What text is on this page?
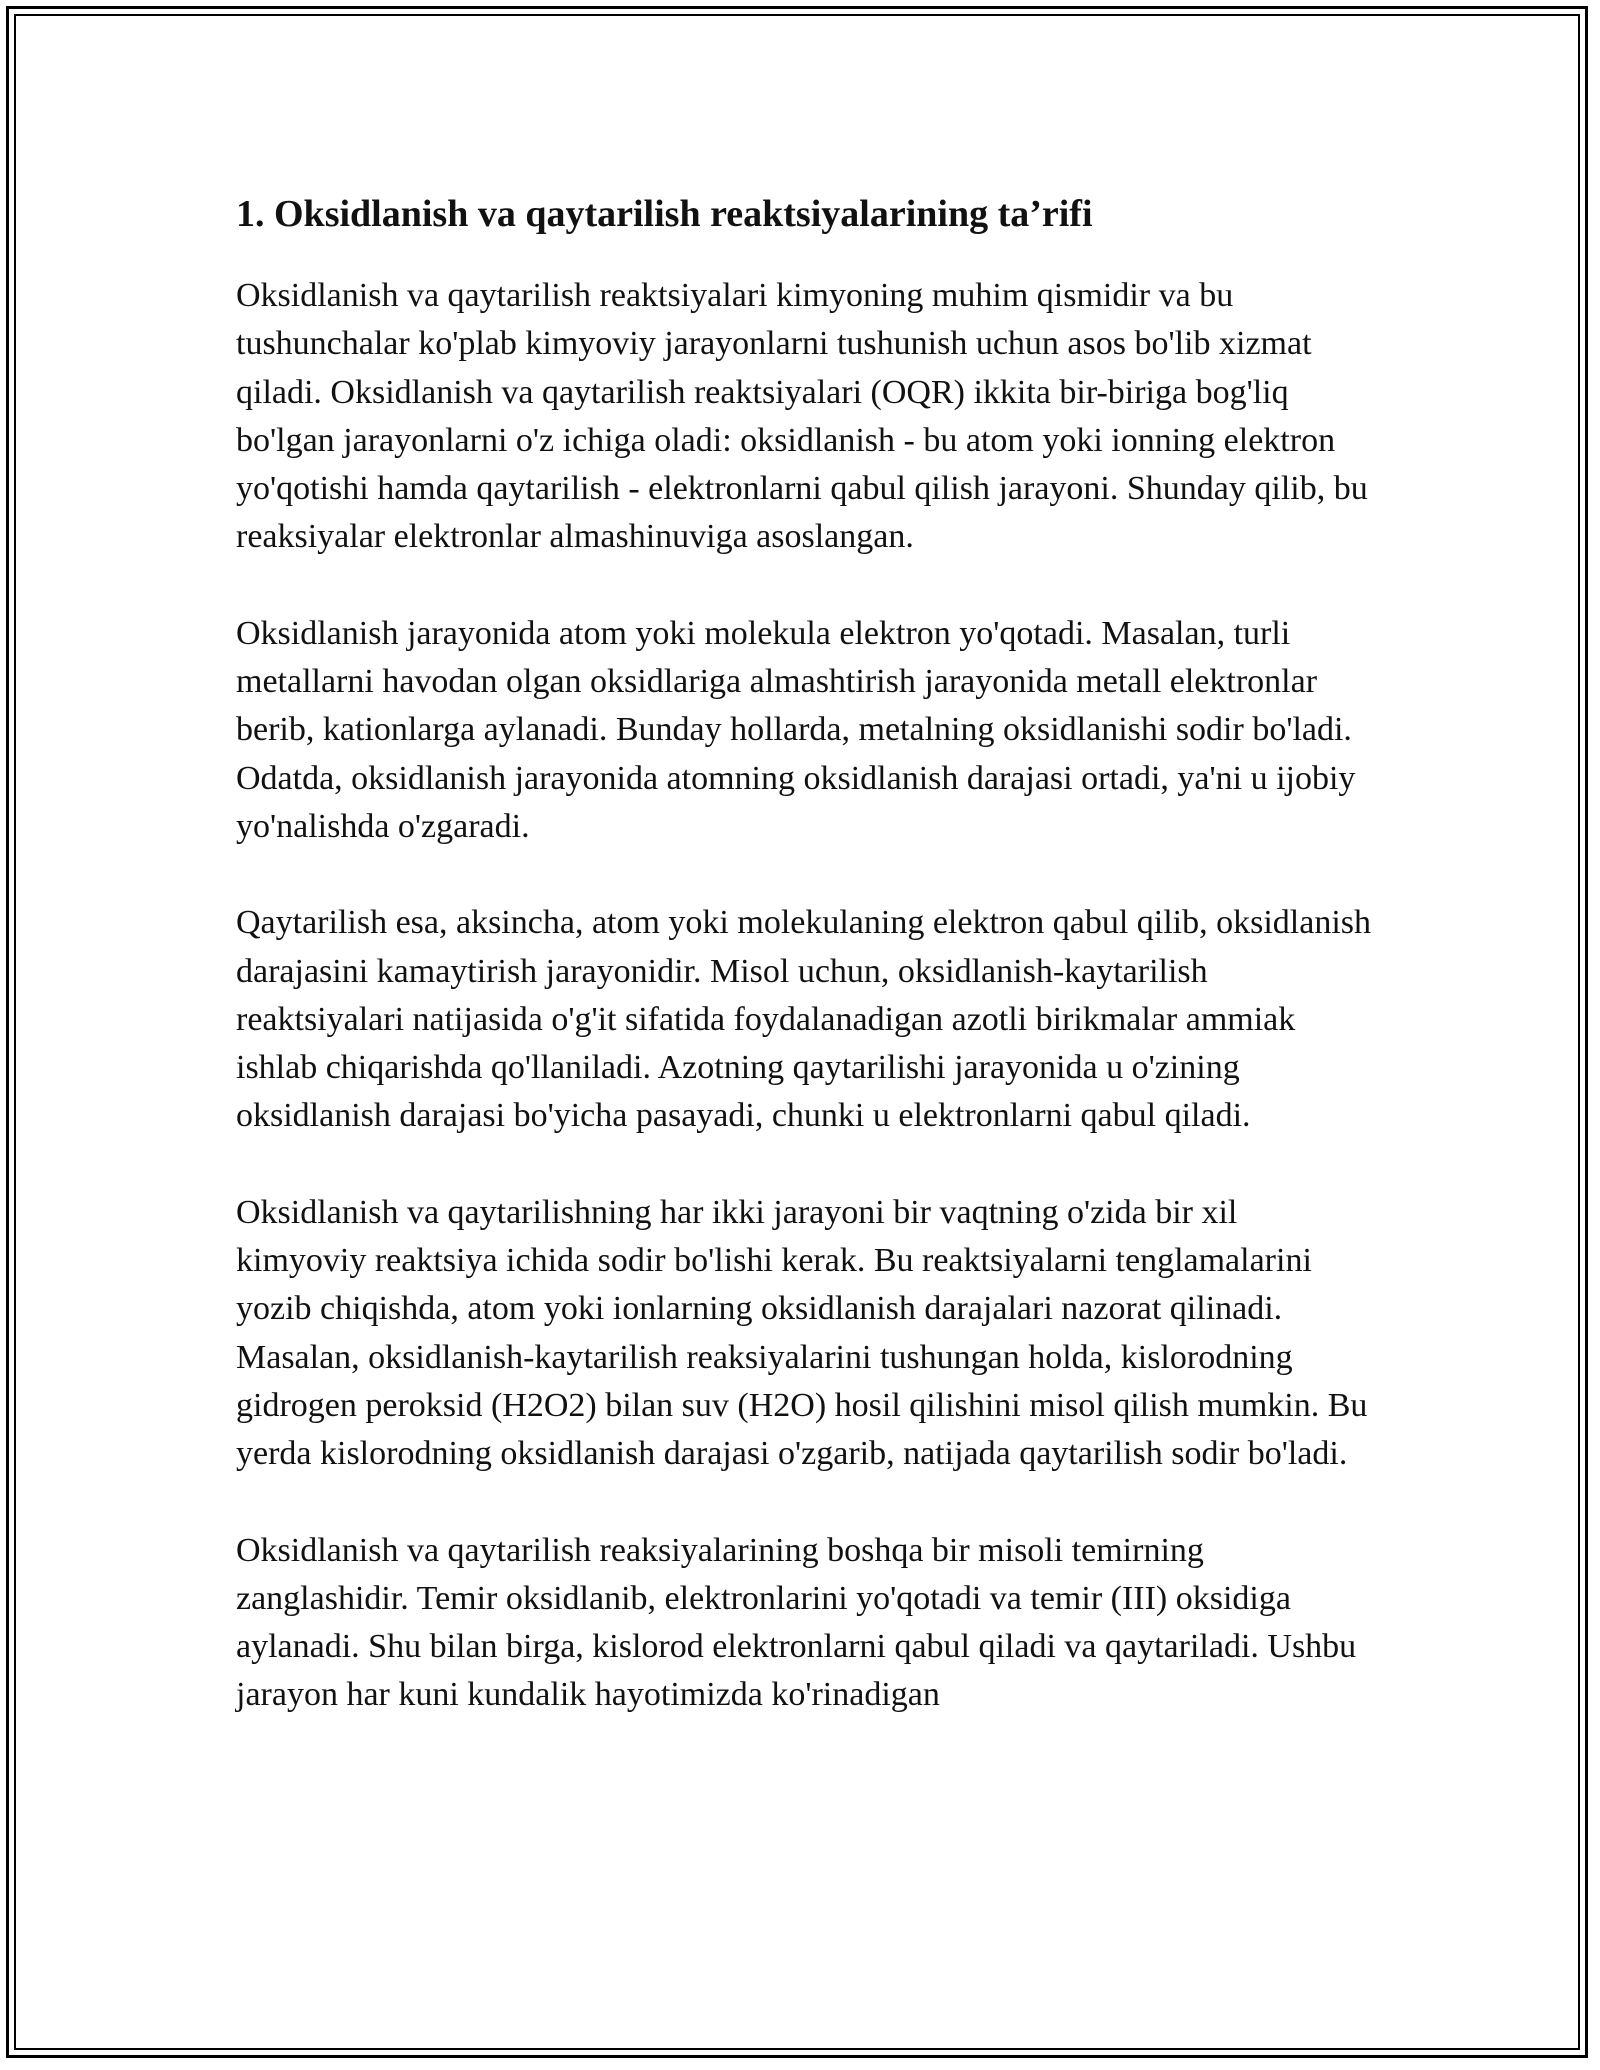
1. Oksidlanish va qaytarilish reaktsiyalarining ta’rifi

Oksidlanish va qaytarilish reaktsiyalari kimyoning muhim qismidir va bu tushunchalar ko'plab kimyoviy jarayonlarni tushunish uchun asos bo'lib xizmat qiladi. Oksidlanish va qaytarilish reaktsiyalari (OQR) ikkita bir-biriga bog'liq bo'lgan jarayonlarni o'z ichiga oladi: oksidlanish - bu atom yoki ionning elektron yo'qotishi hamda qaytarilish - elektronlarni qabul qilish jarayoni. Shunday qilib, bu reaksiyalar elektronlar almashinuviga asoslangan.

Oksidlanish jarayonida atom yoki molekula elektron yo'qotadi. Masalan, turli metallarni havodan olgan oksidlariga almashtirish jarayonida metall elektronlar berib, kationlarga aylanadi. Bunday hollarda, metalning oksidlanishi sodir bo'ladi. Odatda, oksidlanish jarayonida atomning oksidlanish darajasi ortadi, ya'ni u ijobiy yo'nalishda o'zgaradi.

Qaytarilish esa, aksincha, atom yoki molekulaning elektron qabul qilib, oksidlanish darajasini kamaytirish jarayonidir. Misol uchun, oksidlanish-kaytarilish reaktsiyalari natijasida o'g'it sifatida foydalanadigan azotli birikmalar ammiak ishlab chiqarishda qo'llaniladi. Azotning qaytarilishi jarayonida u o'zining oksidlanish darajasi bo'yicha pasayadi, chunki u elektronlarni qabul qiladi.

Oksidlanish va qaytarilishning har ikki jarayoni bir vaqtning o'zida bir xil kimyoviy reaktsiya ichida sodir bo'lishi kerak. Bu reaktsiyalarni tenglamalarini yozib chiqishda, atom yoki ionlarning oksidlanish darajalari nazorat qilinadi. Masalan, oksidlanish-kaytarilish reaksiyalarini tushungan holda, kislorodning gidrogen peroksid (H2O2) bilan suv (H2O) hosil qilishini misol qilish mumkin. Bu yerda kislorodning oksidlanish darajasi o'zgarib, natijada qaytarilish sodir bo'ladi.

Oksidlanish va qaytarilish reaksiyalarining boshqa bir misoli temirning zanglashidir. Temir oksidlanib, elektronlarini yo'qotadi va temir (III) oksidiga aylanadi. Shu bilan birga, kislorod elektronlarni qabul qiladi va qaytariladi. Ushbu jarayon har kuni kundalik hayotimizda ko'rinadigan
